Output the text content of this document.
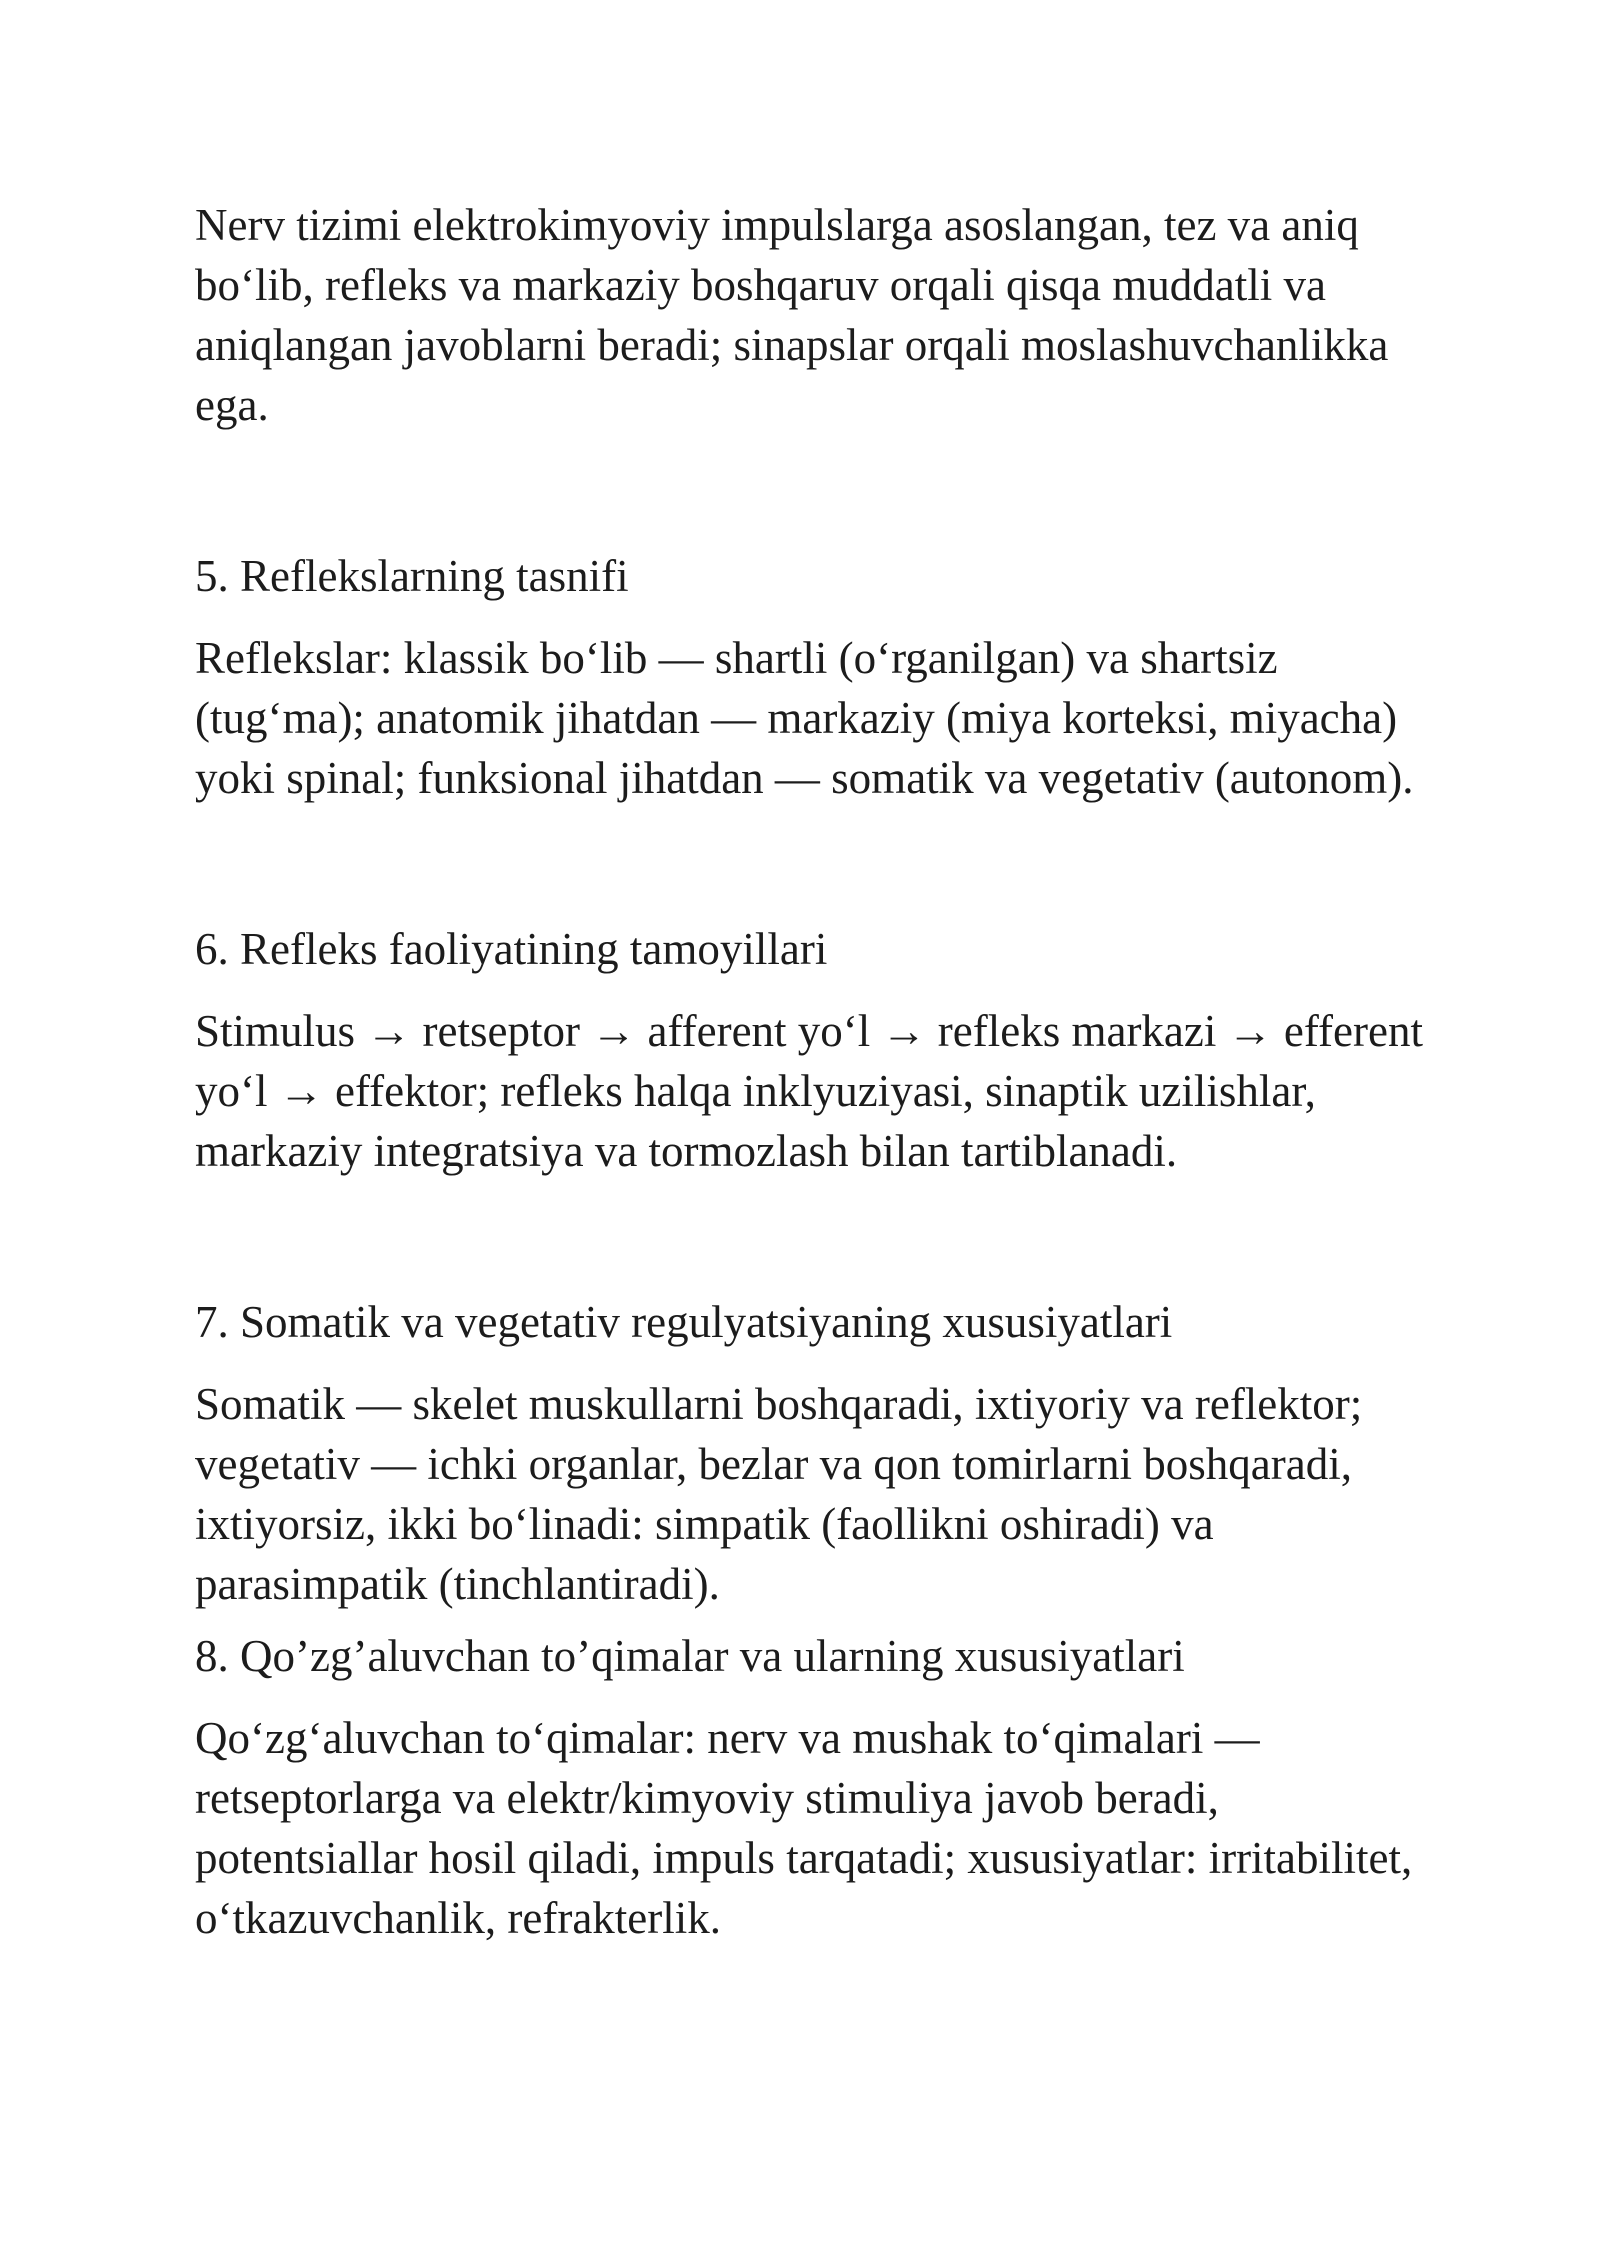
Nerv tizimi elektrokimyoviy impulslarga asoslangan, tez va aniq bo‘lib, refleks va markaziy boshqaruv orqali qisqa muddatli va aniqlangan javoblarni beradi; sinapslar orqali moslashuvchanlikka ega.

5. Reflekslarning tasnifi

Reflekslar: klassik bo‘lib — shartli (o‘rganilgan) va shartsiz (tug‘ma); anatomik jihatdan — markaziy (miya korteksi, miyacha) yoki spinal; funksional jihatdan — somatik va vegetativ (autonom).

6. Refleks faoliyatining tamoyillari

Stimulus → retseptor → afferent yo‘l → refleks markazi → efferent yo‘l → effektor; refleks halqa inklyuziyasi, sinaptik uzilishlar, markaziy integratsiya va tormozlash bilan tartiblanadi.

7. Somatik va vegetativ regulyatsiyaning xususiyatlari

Somatik — skelet muskullarni boshqaradi, ixtiyoriy va reflektor; vegetativ — ichki organlar, bezlar va qon tomirlarni boshqaradi, ixtiyorsiz, ikki bo‘linadi: simpatik (faollikni oshiradi) va parasimpatik (tinchlantiradi).

8. Qo’zg’aluvchan to’qimalar va ularning xususiyatlari

Qo‘zg‘aluvchan to‘qimalar: nerv va mushak to‘qimalari — retseptorlarga va elektr/kimyoviy stimuliya javob beradi, potentsiallar hosil qiladi, impuls tarqatadi; xususiyatlar: irritabilitet, o‘tkazuvchanlik, refrakterlik.
